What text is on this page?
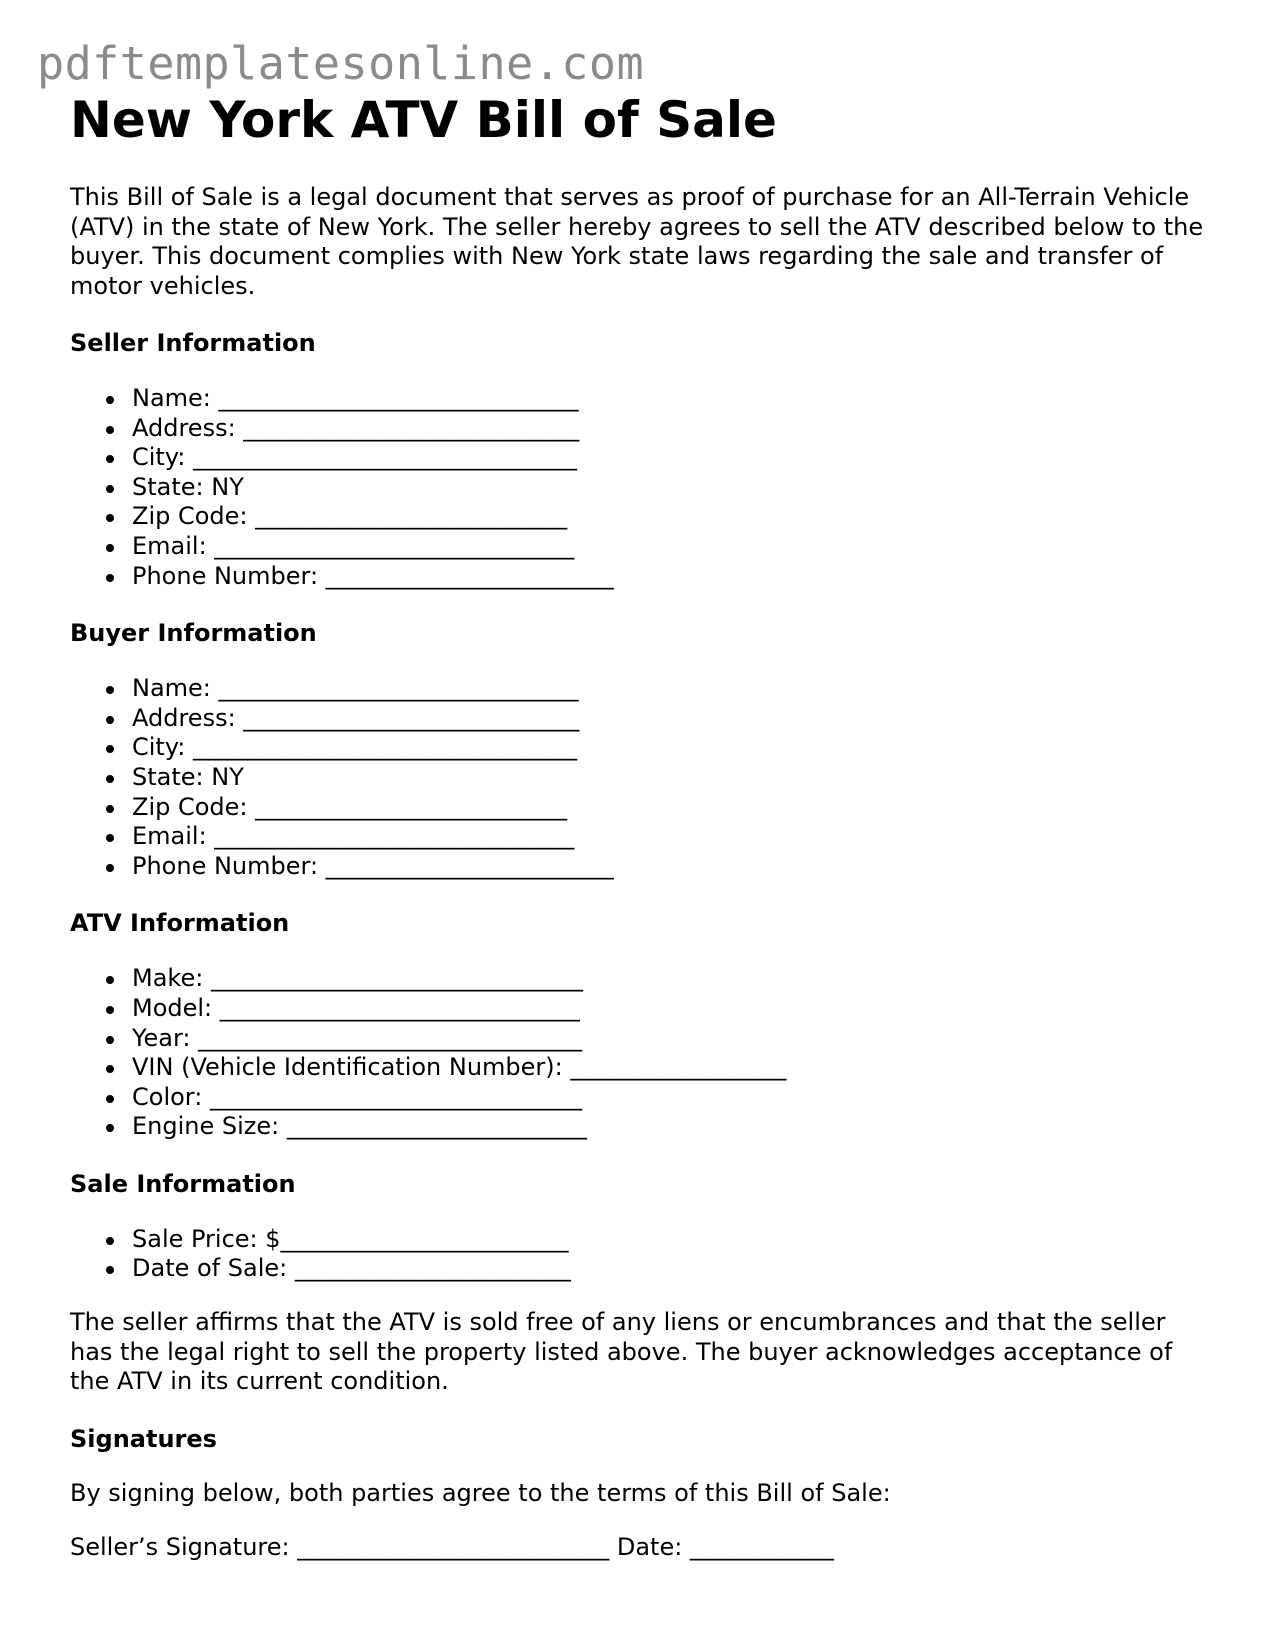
pdftemplatesonline.com
New York ATV Bill of Sale

This Bill of Sale is a legal document that serves as proof of purchase for an All-Terrain Vehicle (ATV) in the state of New York. The seller hereby agrees to sell the ATV described below to the buyer. This document complies with New York state laws regarding the sale and transfer of motor vehicles.

Seller Information
Name: ______________________________
Address: ____________________________
City: ________________________________
State: NY
Zip Code: __________________________
Email: ______________________________
Phone Number: ________________________
Buyer Information
Name: ______________________________
Address: ____________________________
City: ________________________________
State: NY
Zip Code: __________________________
Email: ______________________________
Phone Number: ________________________
ATV Information
Make: _______________________________
Model: ______________________________
Year: ________________________________
VIN (Vehicle Identification Number): __________________
Color: _______________________________
Engine Size: _________________________
Sale Information
Sale Price: $________________________
Date of Sale: _______________________

The seller affirms that the ATV is sold free of any liens or encumbrances and that the seller has the legal right to sell the property listed above. The buyer acknowledges acceptance of the ATV in its current condition.

Signatures

By signing below, both parties agree to the terms of this Bill of Sale:

Seller’s Signature: __________________________ Date: ____________
